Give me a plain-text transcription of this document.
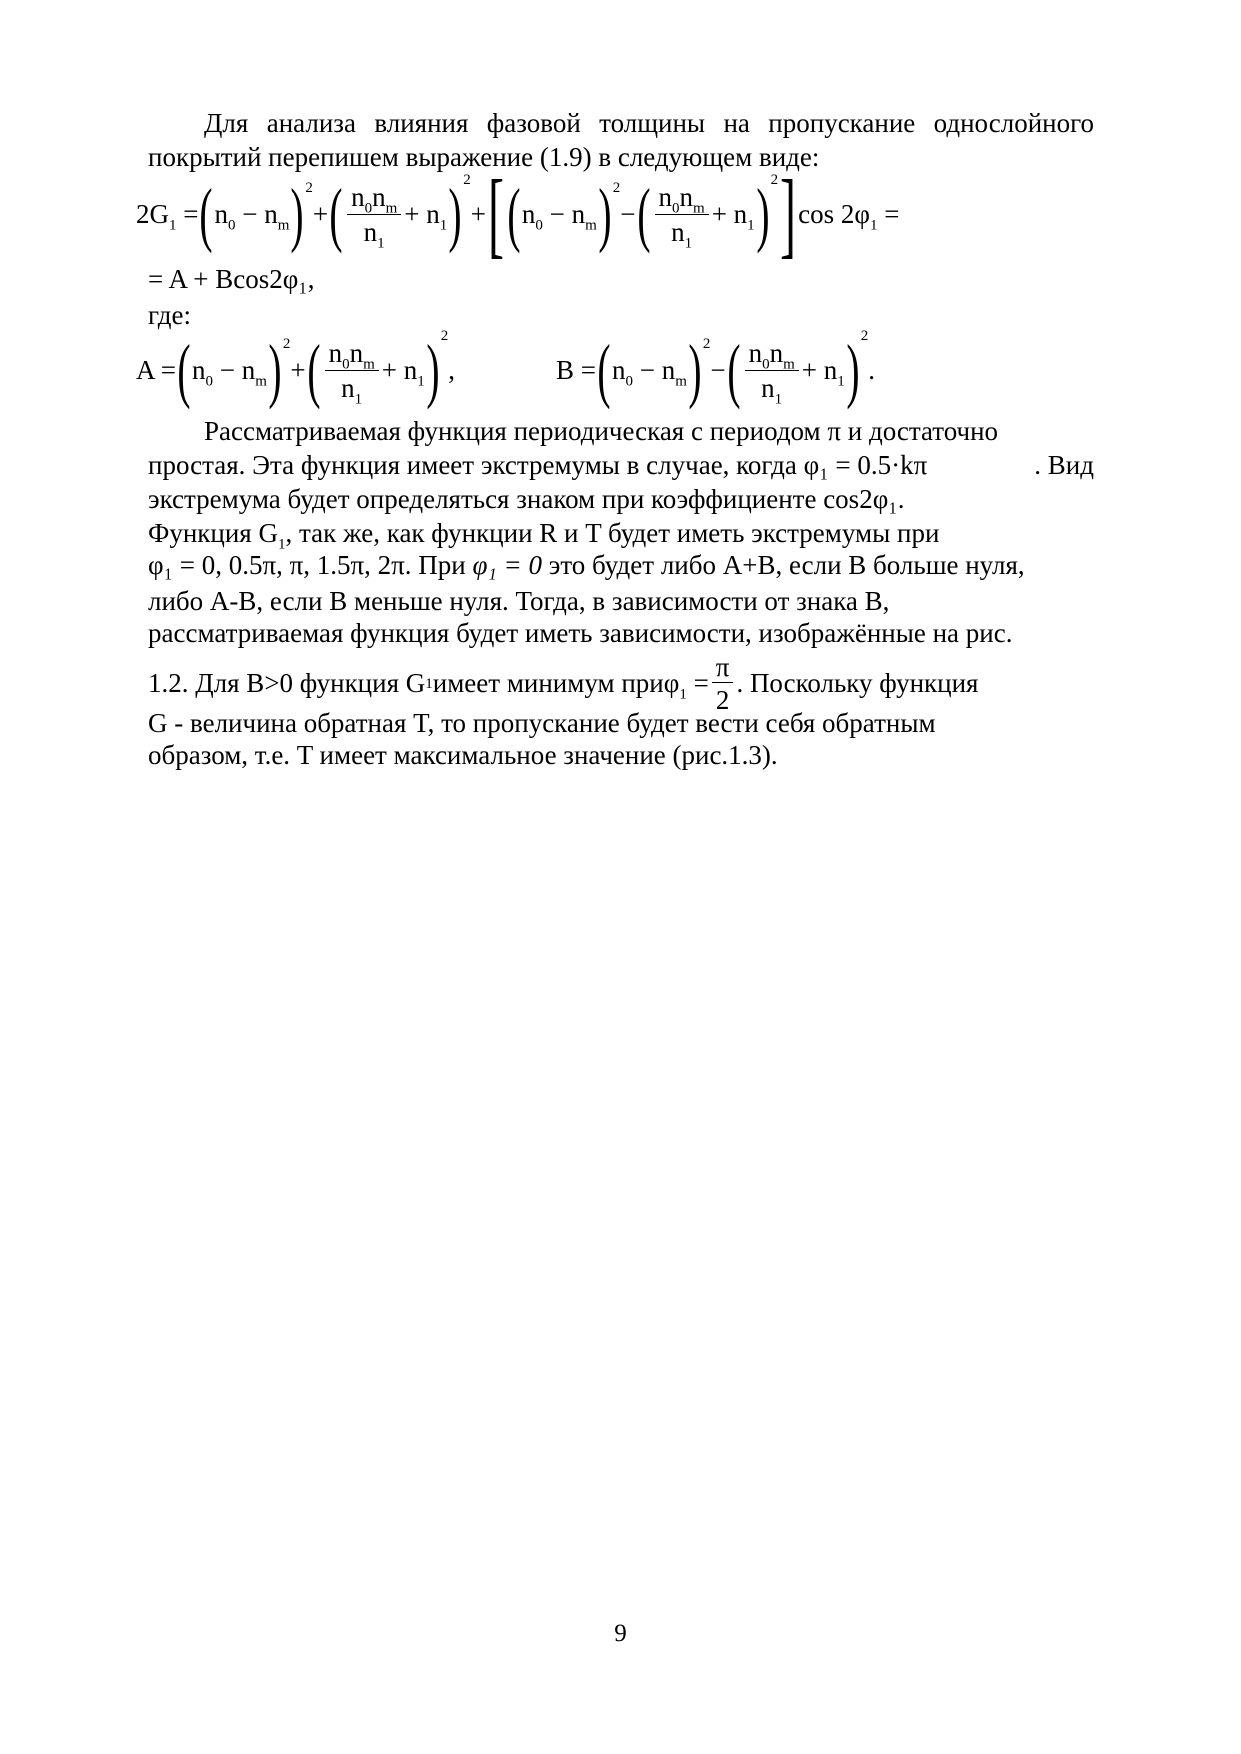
Для анализа влияния фазовой толщины на пропускание однослойного покрытий перепишем выражение (1.9) в следующем виде:
$2G_1 =(n_0 - n_m)2+( \frac{n_0n_m}{n_1} + n_1)2+[(n_0 - n_m)2-( \frac{n_0n_m}{n_1} + n_1)2]\cos$ $2\varphi_1$ =
= A + Bcos2φ₁,
где:
$A =(n_0 - n_m)2+( \frac{n_0n_m}{n_1} + n_1)2$,	$B =(n_0 - n_m)2-( \frac{n_0n_m}{n_1} + n_1)2$.
Рассматриваемая функция периодическая с периодом π и достаточно
простая. Эта функция имеет экстремумы в случае, когда φ₁ = 0.5·kπ	. Вид
экстремума будет определяться знаком при коэффициенте cos2φ₁.
Функция $G_1$, так же, как функции R и T будет иметь экстремумы при
φ₁ = 0, 0.5π, π, 1.5π, 2π. При φ₁ = 0 это будет либо A+B, если B больше нуля,
либо A-B, если B меньше нуля. Тогда, в зависимости от знака B,
рассматриваемая функция будет иметь зависимости, изображённые на рис.
1.2. Для B>0 функция G 1 имеет минимум при $\varphi_1 = \frac{\pi}{2}$ . Поскольку функция
G - величина обратная T, то пропускание будет вести себя обратным
образом, т.е. T имеет максимальное значение (рис.1.3).
9
